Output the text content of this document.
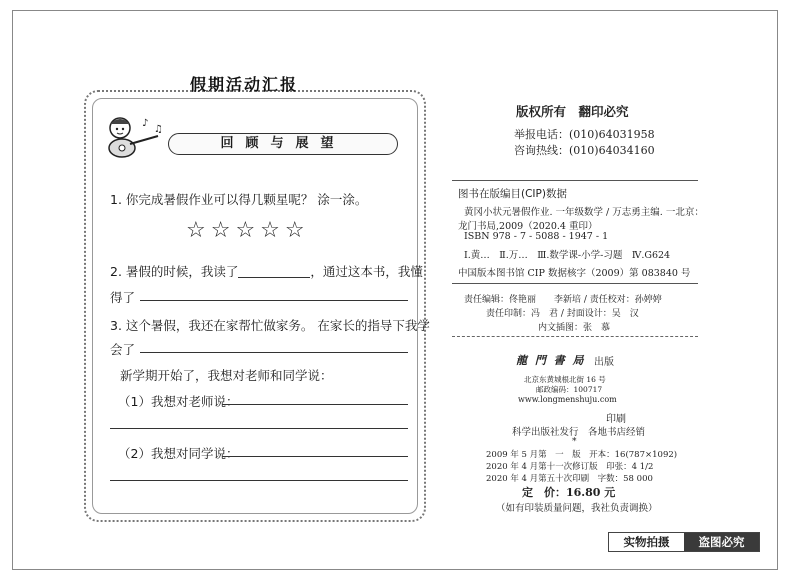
假期活动汇报
♪
♫
回顾与展望
1. 你完成暑假作业可以得几颗星呢？ 涂一涂。
☆☆☆☆☆
2. 暑假的时候，我读了	，通过这本书，我懂
得了
3. 这个暑假，我还在家帮忙做家务。 在家长的指导下我学
会了
新学期开始了，我想对老师和同学说：
（1）我想对老师说：
（2）我想对同学说：
版权所有　翻印必究
举报电话：(010)64031958
咨询热线：(010)64034160
图书在版编目(CIP)数据
黄冈小状元暑假作业. 一年级数学 / 万志勇主编. 一北京：
龙门书局,2009（2020.4 重印）
ISBN 978 - 7 - 5088 - 1947 - 1
Ⅰ.黄…　Ⅱ.万…　Ⅲ.数学课-小学-习题　Ⅳ.G624
中国版本图书馆 CIP 数据核字（2009）第 083840 号
责任编辑：佟艳丽　　李新培 / 责任校对：孙婷婷
责任印制：冯　君 / 封面设计：吴　汉
内文插图：张　慕
龍 門 書 局 出版
北京东黄城根北街 16 号
邮政编码：100717
www.longmenshuju.com
印刷
科学出版社发行　各地书店经销
*
2009 年 5 月第　一　版　开本：16(787×1092)
2020 年 4 月第十一次修订版　印张：4 1/2
2020 年 4 月第五十次印刷　字数：58 000
定　价：16.80 元
（如有印装质量问题，我社负责调换）
实物拍摄	盗图必究
